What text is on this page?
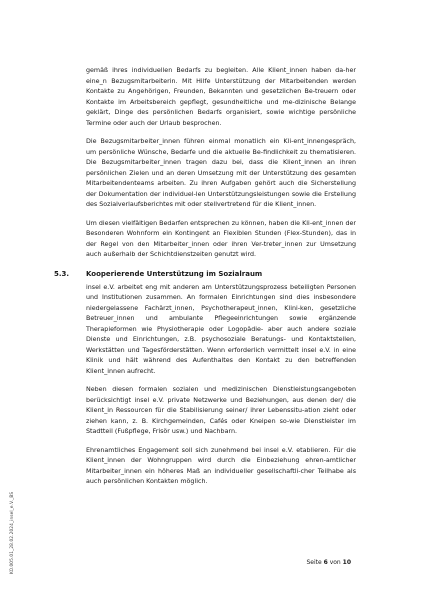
gemäß ihres individuellen Bedarfs zu begleiten. Alle Klient_innen haben da-her eine_n Bezugsmitarbeiterin. Mit Hilfe Unterstützung der Mitarbeitenden werden Kontakte zu Angehörigen, Freunden, Bekannten und gesetzlichen Be-treuern oder Kontakte im Arbeitsbereich gepflegt, gesundheitliche und me-dizinische Belange geklärt, Dinge des persönlichen Bedarfs organisiert, sowie wichtige persönliche Termine oder auch der Urlaub besprochen.

Die Bezugsmitarbeiter_innen führen einmal monatlich ein Kli-ent_innengespräch, um persönliche Wünsche, Bedarfe und die aktuelle Be-findlichkeit zu thematisieren. Die Bezugsmitarbeiter_innen tragen dazu bei, dass die Klient_innen an ihren persönlichen Zielen und an deren Umsetzung mit der Unterstützung des gesamten Mitarbeitendenteams arbeiten. Zu ihren Aufgaben gehört auch die Sicherstellung der Dokumentation der individuel-len Unterstützungsleistungen sowie die Erstellung des Sozialverlaufsberichtes mit oder stellvertretend für die Klient_innen.

Um diesen vielfältigen Bedarfen entsprechen zu können, haben die Kli-ent_innen der Besonderen Wohnform ein Kontingent an Flexiblen Stunden (Flex-Stunden), das in der Regel von den Mitarbeiter_innen oder ihren Ver-treter_innen zur Umsetzung auch außerhalb der Schichtdienstzeiten genutzt wird.

5.3.	Kooperierende Unterstützung im Sozialraum

insel e.V. arbeitet eng mit anderen am Unterstützungsprozess beteiligten Personen und Institutionen zusammen. An formalen Einrichtungen sind dies insbesondere niedergelassene Fachärzt_innen, Psychotherapeut_innen, Klini-ken, gesetzliche Betreuer_innen und ambulante Pflegeeinrichtungen sowie ergänzende Therapieformen wie Physiotherapie oder Logopädie- aber auch andere soziale Dienste und Einrichtungen, z.B. psychosoziale Beratungs- und Kontaktstellen, Werkstätten und Tagesförderstätten. Wenn erforderlich vermittelt insel e.V. in eine Klinik und hält während des Aufenthaltes den Kontakt zu den betreffenden Klient_innen aufrecht.

Neben diesen formalen sozialen und medizinischen Dienstleistungsangeboten berücksichtigt insel e.V. private Netzwerke und Beziehungen, aus denen der/ die Klient_in Ressourcen für die Stabilisierung seiner/ ihrer Lebenssitu-ation zieht oder ziehen kann, z. B. Kirchgemeinden, Cafés oder Kneipen so-wie Dienstleister im Stadtteil (Fußpflege, Frisör usw.) und Nachbarn.

Ehrenamtliches Engagement soll sich zunehmend bei insel e.V. etablieren. Für die Klient_innen der Wohngruppen wird durch die Einbeziehung ehren-amtlicher Mitarbeiter_innen ein höheres Maß an individueller gesellschaftli-cher Teilhabe als auch persönlichen Kontakten möglich.

KO.005.01_28.02.2024_insel_e.V._BS	Seite 6 von 10
